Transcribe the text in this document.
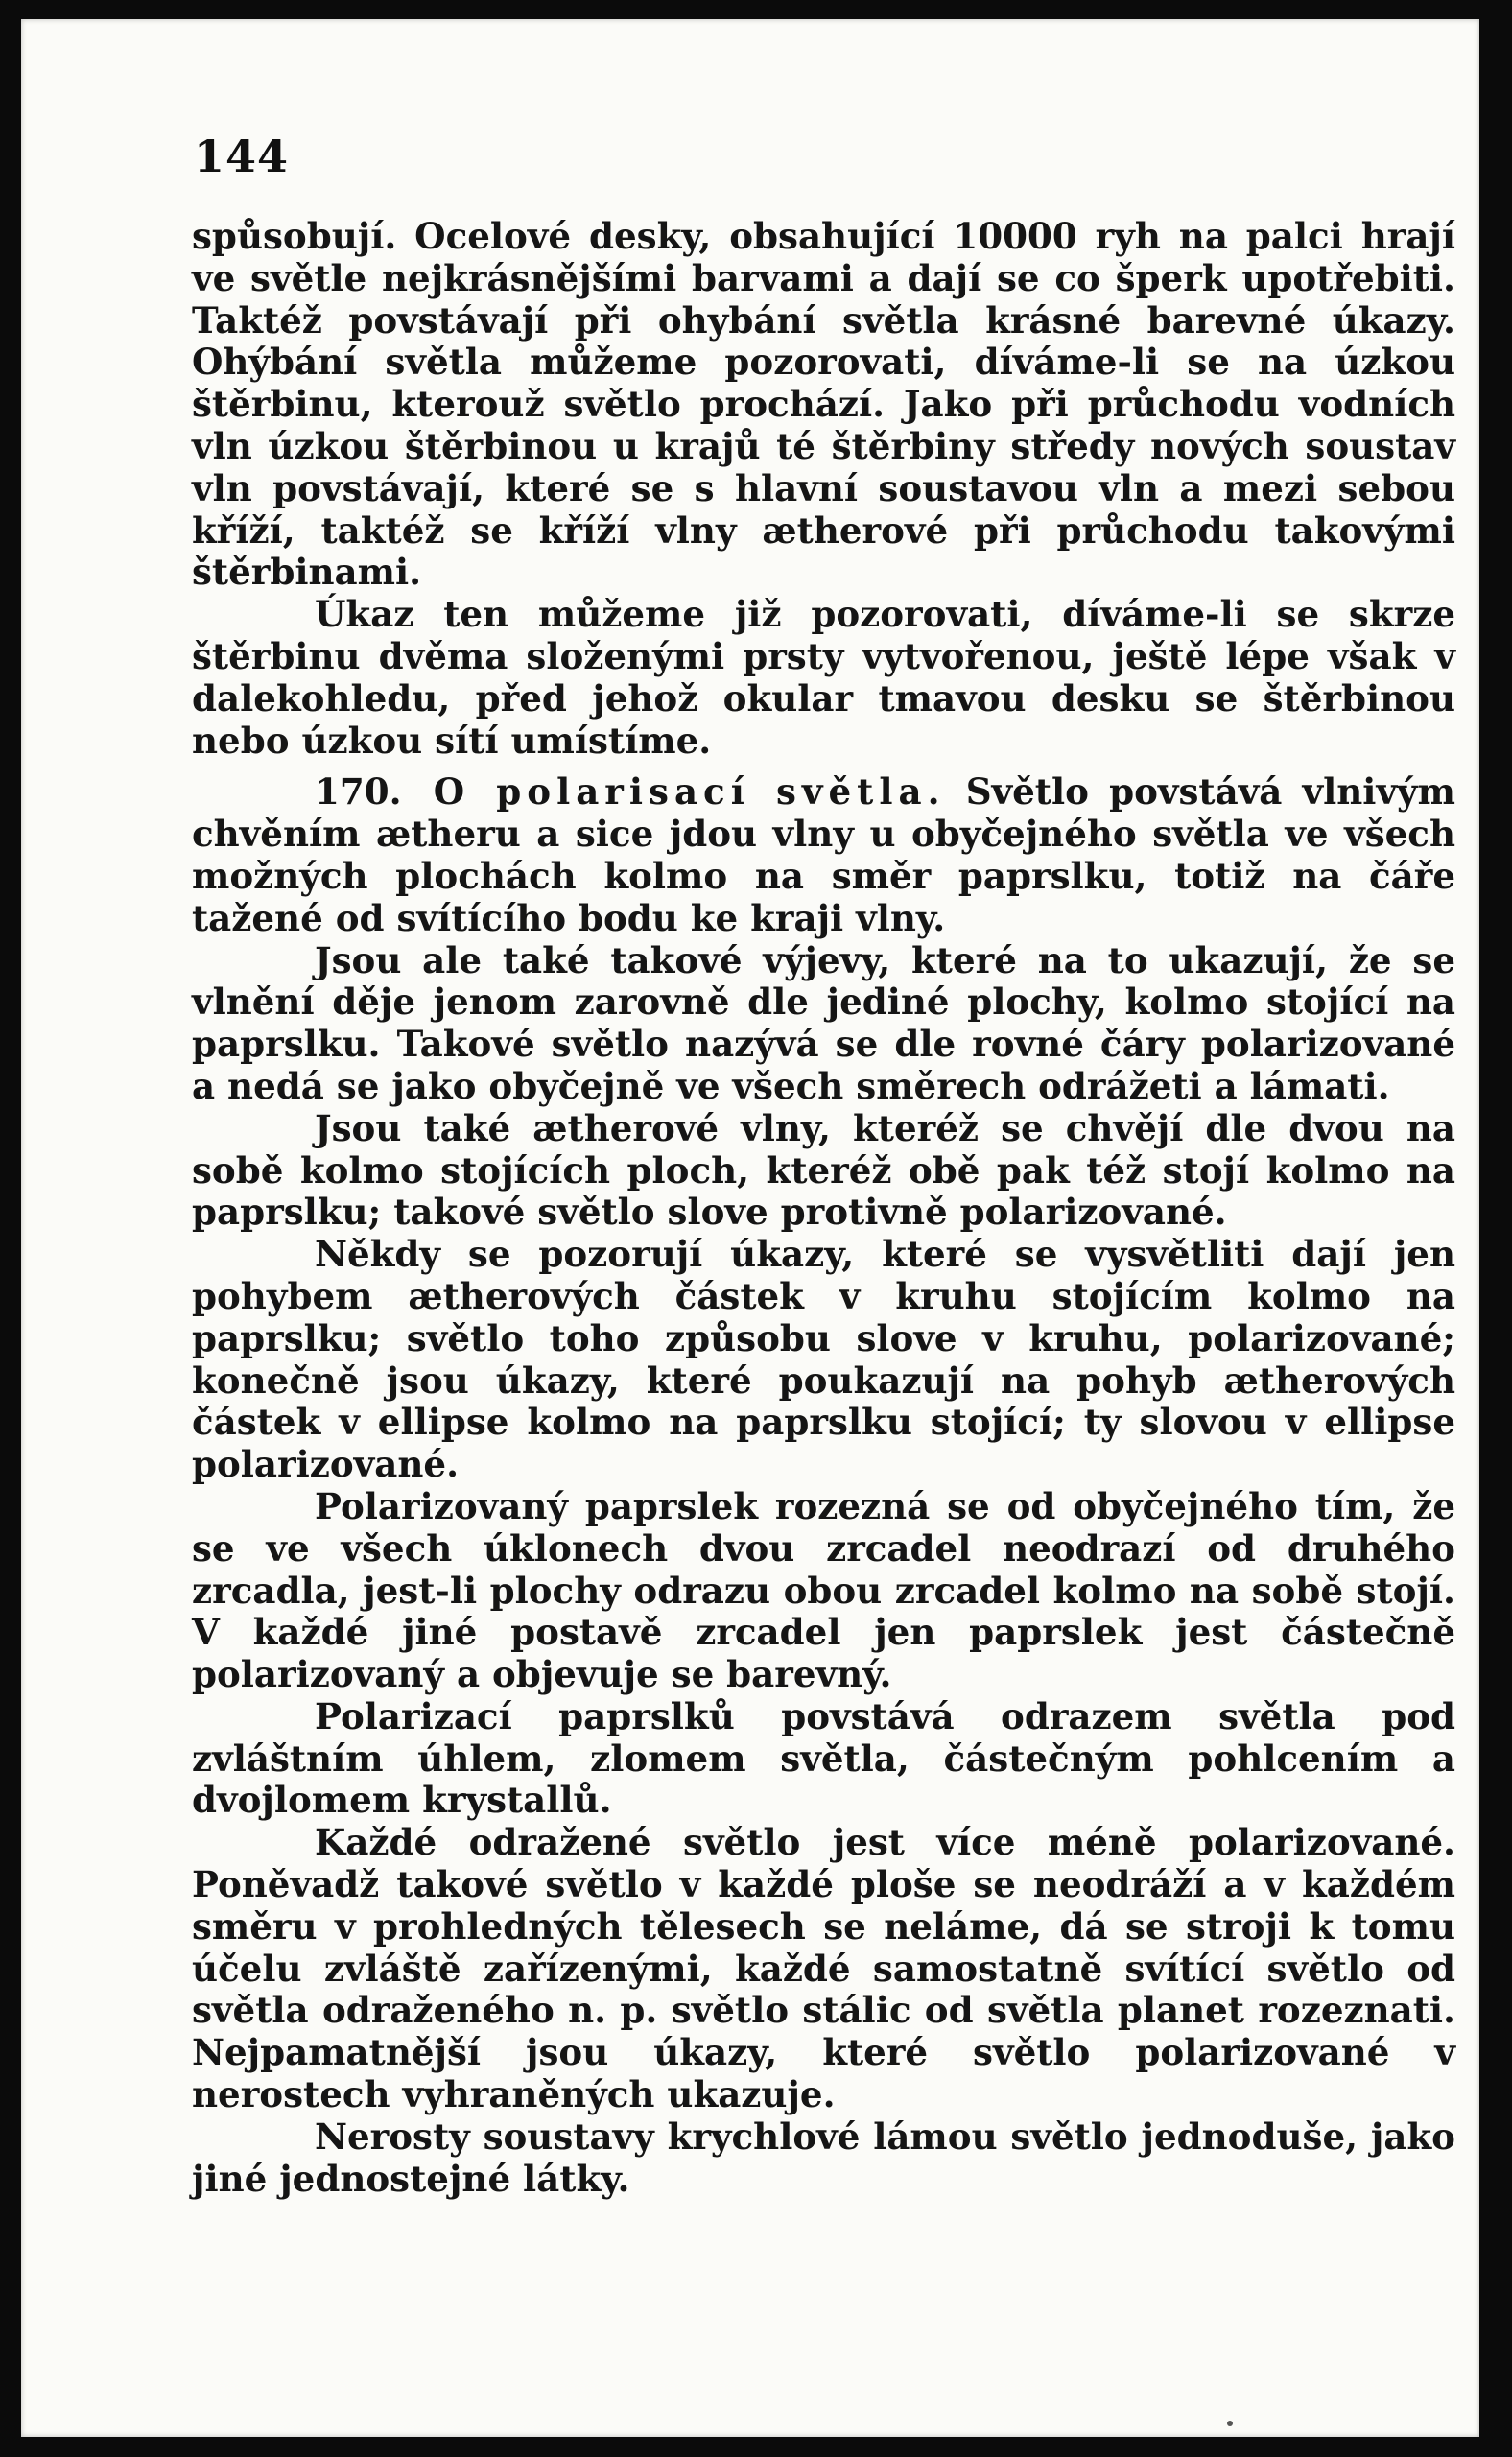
144

spůsobují. Ocelové desky, obsahující 10000 ryh na palci hrají ve světle nejkrásnějšími barvami a dají se co šperk upotřebiti. Taktéž povstávají při ohybání světla krásné barevné úkazy. Ohýbání světla můžeme pozorovati, díváme-li se na úzkou štěrbinu, kterouž světlo prochází. Jako při průchodu vodních vln úzkou štěrbinou u krajů té štěrbiny středy nových soustav vln povstávají, které se s hlavní soustavou vln a mezi sebou kříží, taktéž se kříží vlny ætherové při průchodu takovými štěrbinami.

Úkaz ten můžeme již pozorovati, díváme-li se skrze štěrbinu dvěma složenými prsty vytvořenou, ještě lépe však v dalekohledu, před jehož okular tmavou desku se štěrbinou nebo úzkou sítí umístíme.

170. O polarisací světla. Světlo povstává vlnivým chvěním ætheru a sice jdou vlny u obyčejného světla ve všech možných plochách kolmo na směr paprslku, totiž na čáře tažené od svítícího bodu ke kraji vlny.

Jsou ale také takové výjevy, které na to ukazují, že se vlnění děje jenom zarovně dle jediné plochy, kolmo stojící na paprslku. Takové světlo nazývá se dle rovné čáry polarizované a nedá se jako obyčejně ve všech směrech odrážeti a lámati.

Jsou také ætherové vlny, kteréž se chvějí dle dvou na sobě kolmo stojících ploch, kteréž obě pak též stojí kolmo na paprslku; takové světlo slove protivně polarizované.

Někdy se pozorují úkazy, které se vysvětliti dají jen pohybem ætherových částek v kruhu stojícím kolmo na paprslku; světlo toho způsobu slove v kruhu, polarizované; konečně jsou úkazy, které poukazují na pohyb ætherových částek v ellipse kolmo na paprslku stojící; ty slovou v ellipse polarizované.

Polarizovaný paprslek rozezná se od obyčejného tím, že se ve všech úklonech dvou zrcadel neodrazí od druhého zrcadla, jest-li plochy odrazu obou zrcadel kolmo na sobě stojí. V každé jiné postavě zrcadel jen paprslek jest částečně polarizovaný a objevuje se barevný.

Polarizací paprslků povstává odrazem světla pod zvláštním úhlem, zlomem světla, částečným pohlcením a dvojlomem krystallů.

Každé odražené světlo jest více méně polarizované. Poněvadž takové světlo v každé ploše se neodráží a v každém směru v prohledných tělesech se neláme, dá se stroji k tomu účelu zvláště zařízenými, každé samostatně svítící světlo od světla odraženého n. p. světlo stálic od světla planet rozeznati. Nejpamatnější jsou úkazy, které světlo polarizované v nerostech vyhraněných ukazuje.

Nerosty soustavy krychlové lámou světlo jednoduše, jako jiné jednostejné látky.
